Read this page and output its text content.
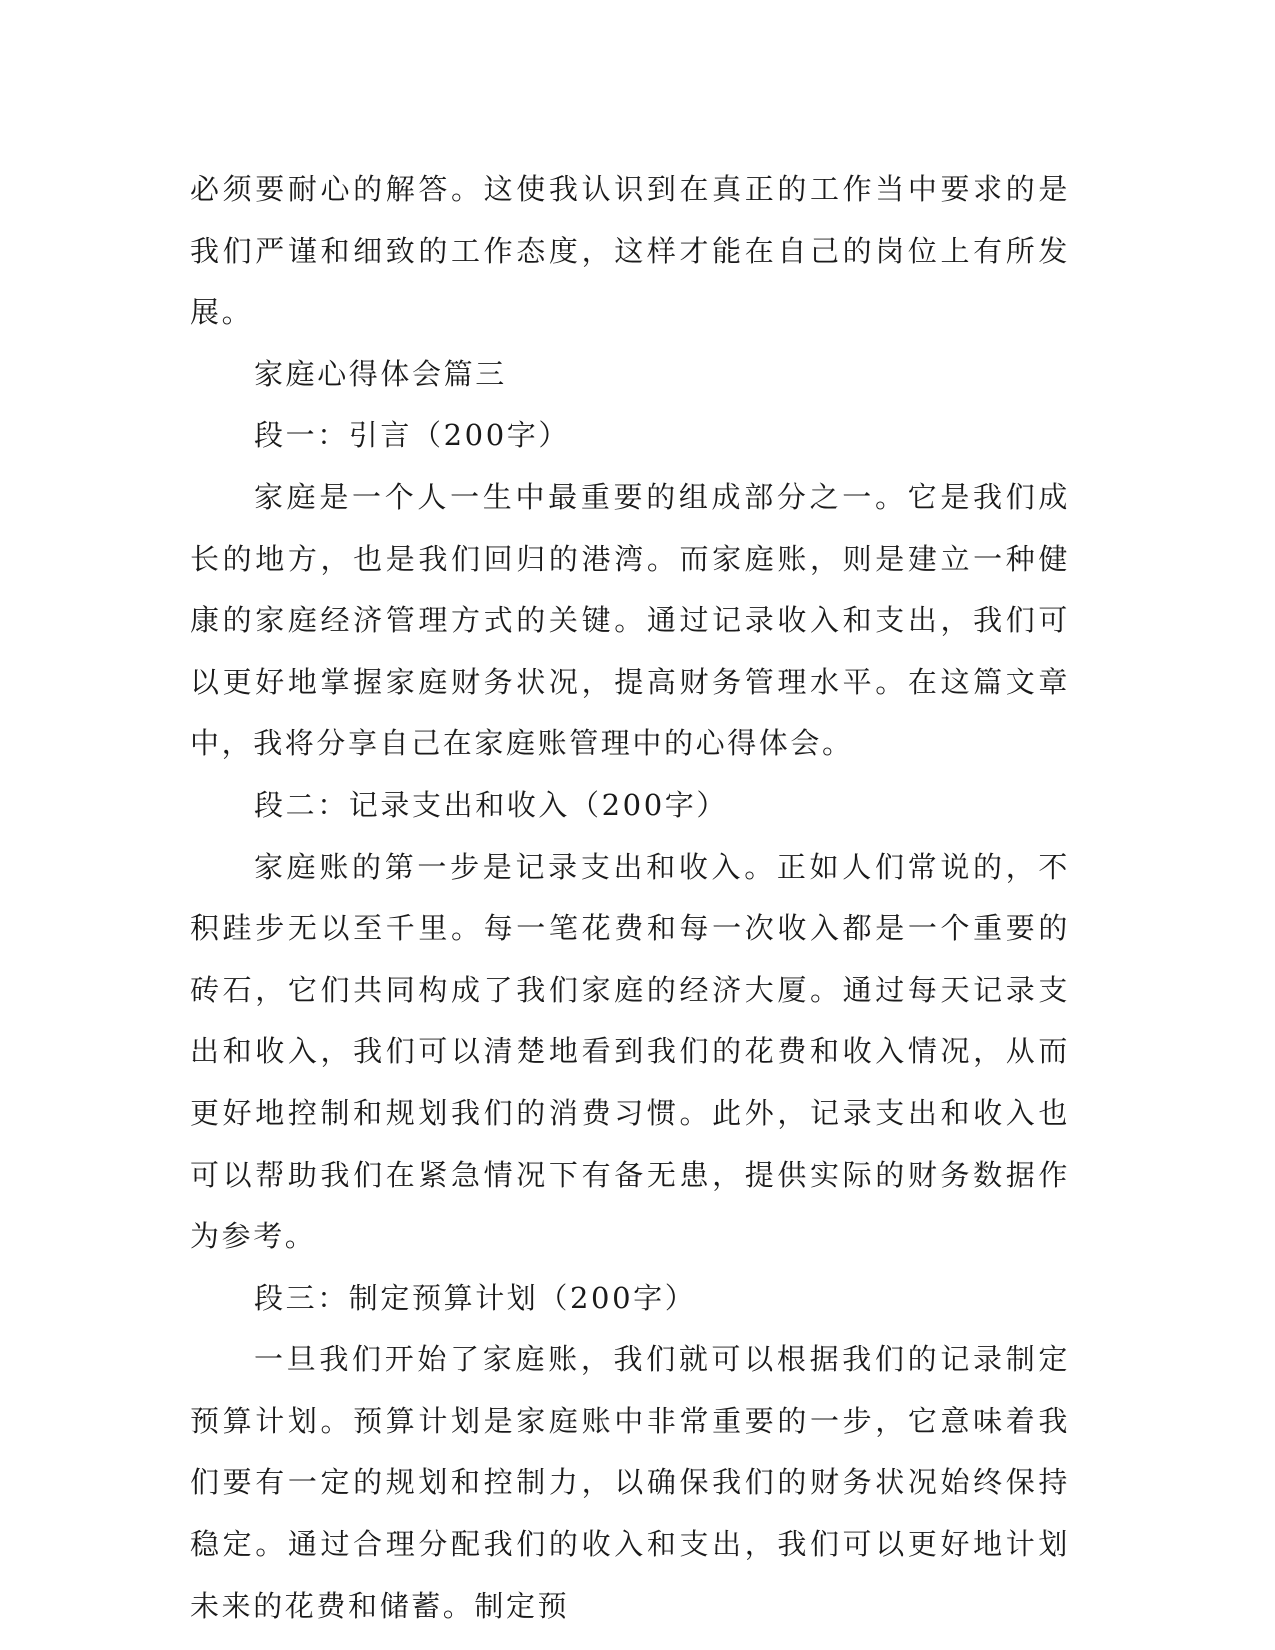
必须要耐心的解答。这使我认识到在真正的工作当中要求的是我们严谨和细致的工作态度，这样才能在自己的岗位上有所发展。

家庭心得体会篇三

段一：引言（200字）

家庭是一个人一生中最重要的组成部分之一。它是我们成长的地方，也是我们回归的港湾。而家庭账，则是建立一种健康的家庭经济管理方式的关键。通过记录收入和支出，我们可以更好地掌握家庭财务状况，提高财务管理水平。在这篇文章中，我将分享自己在家庭账管理中的心得体会。

段二：记录支出和收入（200字）

家庭账的第一步是记录支出和收入。正如人们常说的，不积跬步无以至千里。每一笔花费和每一次收入都是一个重要的砖石，它们共同构成了我们家庭的经济大厦。通过每天记录支出和收入，我们可以清楚地看到我们的花费和收入情况，从而更好地控制和规划我们的消费习惯。此外，记录支出和收入也可以帮助我们在紧急情况下有备无患，提供实际的财务数据作为参考。

段三：制定预算计划（200字）

一旦我们开始了家庭账，我们就可以根据我们的记录制定预算计划。预算计划是家庭账中非常重要的一步，它意味着我们要有一定的规划和控制力，以确保我们的财务状况始终保持稳定。通过合理分配我们的收入和支出，我们可以更好地计划未来的花费和储蓄。制定预
